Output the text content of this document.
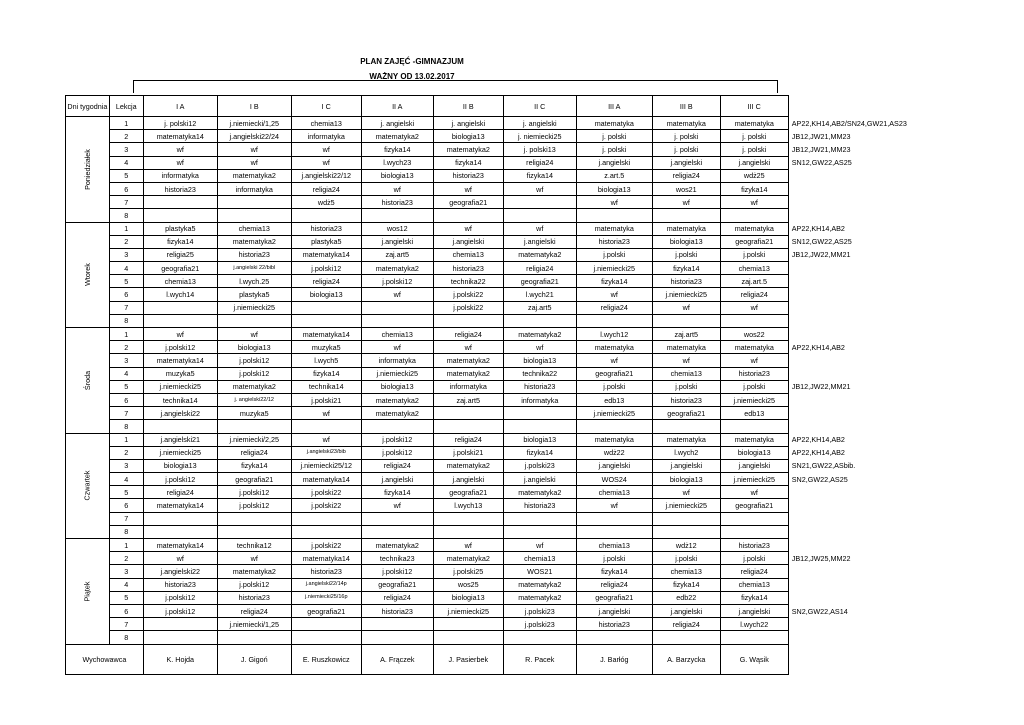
PLAN ZAJĘĆ -GIMNAZJUM
WAŻNY OD 13.02.2017
Dni tygodnia	Lekcja	I A	I B	I C	II A	II B	II C	III A	III B	III C	
Poniedziałek	1	j. polski12	j.niemiecki/1,25	chemia13	j. angielski	j. angielski	j. angielski	matematyka	matematyka	matematyka	AP22,KH14,AB2/SN24,GW21,AS23
	2	matematyka14	j.angielski22/24	informatyka	matematyka2	biologia13	j. niemiecki25	j. polski	j. polski	j. polski	JB12,JW21,MM23
	3	wf	wf	wf	fizyka14	matematyka2	j. polski13	j. polski	j. polski	j. polski	JB12,JW21,MM23
	4	wf	wf	wf	l.wych23	fizyka14	religia24	j.angielski	j.angielski	j.angielski	SN12,GW22,AS25
	5	informatyka	matematyka2	j.angielski22/12	biologia13	historia23	fizyka14	z.art.5	religia24	wdż25	
	6	historia23	informatyka	religia24	wf	wf	wf	biologia13	wos21	fizyka14	
	7			wdż5	historia23	geografia21		wf	wf	wf	
	8										
Wtorek	1	plastyka5	chemia13	historia23	wos12	wf	wf	matematyka	matematyka	matematyka	AP22,KH14,AB2
	2	fizyka14	matematyka2	plastyka5	j.angielski	j.angielski	j.angielski	historia23	biologia13	geografia21	SN12,GW22,AS25
	3	religia25	historia23	matematyka14	zaj.art5	chemia13	matematyka2	j.polski	j.polski	j.polski	JB12,JW22,MM21
	4	geografia21	j.angielski 22/bibl	j.polski12	matematyka2	historia23	religia24	j.niemiecki25	fizyka14	chemia13	
	5	chemia13	l.wych.25	religia24	j.polski12	technika22	geografia21	fizyka14	historia23	zaj.art.5	
	6	l.wych14	plastyka5	biologia13	wf	j.polski22	l.wych21	wf	j.niemiecki25	religia24	
	7		j.niemiecki25			j.polski22	zaj.art5	religia24	wf	wf	
	8										
Środa	1	wf	wf	matematyka14	chemia13	religia24	matematyka2	l.wych12	zaj.art5	wos22	
	2	j.polski12	biologia13	muzyka5	wf	wf	wf	matematyka	matematyka	matematyka	AP22,KH14,AB2
	3	matematyka14	j.polski12	l.wych5	informatyka	matematyka2	biologia13	wf	wf	wf	
	4	muzyka5	j.polski12	fizyka14	j.niemiecki25	matematyka2	technika22	geografia21	chemia13	historia23	
	5	j.niemiecki25	matematyka2	technika14	biologia13	informatyka	historia23	j.polski	j.polski	j.polski	JB12,JW22,MM21
	6	technika14	j. angielski22/12	j.polski21	matematyka2	zaj.art5	informatyka	edb13	historia23	j.niemiecki25	
	7	j.angielski22	muzyka5	wf	matematyka2			j.niemiecki25	geografia21	edb13	
	8										
Czwartek	1	j.angielski21	j.niemiecki/2,25	wf	j.polski12	religia24	biologia13	matematyka	matematyka	matematyka	AP22,KH14,AB2
	2	j.niemiecki25	religia24	j.angielski23/bib	j.polski12	j.polski21	fizyka14	wdż22	l.wych2	biologia13	AP22,KH14,AB2
	3	biologia13	fizyka14	j.niemiecki25/12	religia24	matematyka2	j.polski23	j.angielski	j.angielski	j.angielski	SN21,GW22,ASbib.
	4	j.polski12	geografia21	matematyka14	j.angielski	j.angielski	j.angielski	WOS24	biologia13	j.niemiecki25	SN2,GW22,AS25
	5	religia24	j.polski12	j.polski22	fizyka14	geografia21	matematyka2	chemia13	wf	wf	
	6	matematyka14	j.polski12	j.polski22	wf	l.wych13	historia23	wf	j.niemiecki25	geografia21	
	7										
	8										
Piątek	1	matematyka14	technika12	j.polski22	matematyka2	wf	wf	chemia13	wdż12	historia23	
	2	wf	wf	matematyka14	technika23	matematyka2	chemia13	j.polski	j.polski	j.polski	JB12,JW25,MM22
	3	j.angielski22	matematyka2	historia23	j.polski12	j.polski25	WOS21	fizyka14	chemia13	religia24	
	4	historia23	j.polski12	j.angielski22/14p	geografia21	wos25	matematyka2	religia24	fizyka14	chemia13	
	5	j.polski12	historia23	j.niemiecki25/16p	religia24	biologia13	matematyka2	geografia21	edb22	fizyka14	
	6	j.polski12	religia24	geografia21	historia23	j.niemiecki25	j.polski23	j.angielski	j.angielski	j.angielski	SN2,GW22,AS14
	7		j.niemiecki/1,25				j.polski23	historia23	religia24	l.wych22	
	8										
Wychowawca		K. Hojda	J. Gigoń	E. Ruszkowicz	A. Frączek	J. Pasierbek	R. Pacek	J. Barłóg	A. Barzycka	G. Wąsik	
